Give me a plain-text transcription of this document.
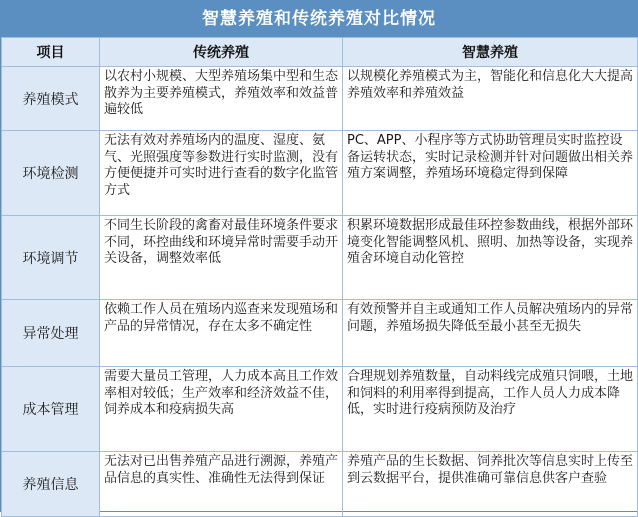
智慧养殖和传统养殖对比情况
项目	传统养殖	智慧养殖
养殖模式	以农村小规模、大型养殖场集中型和生态散养为主要养殖模式，养殖效率和效益普遍较低	以规模化养殖模式为主，智能化和信息化大大提高养殖效率和养殖效益
环境检测	无法有效对养殖场内的温度、湿度、氨气、光照强度等参数进行实时监测，没有方便便捷并可实时进行查看的数字化监管方式	PC、APP、小程序等方式协助管理员实时监控设备运转状态，实时记录检测并针对问题做出相关养殖方案调整，养殖场环境稳定得到保障
环境调节	不同生长阶段的禽畜对最佳环境条件要求不同，环控曲线和环境异常时需要手动开关设备，调整效率低	积累环境数据形成最佳环控参数曲线，根据外部环境变化智能调整风机、照明、加热等设备，实现养殖舍环境自动化管控
异常处理	依赖工作人员在殖场内巡查来发现殖场和产品的异常情况，存在太多不确定性	有效预警并自主或通知工作人员解决殖场内的异常问题，养殖场损失降低至最小甚至无损失
成本管理	需要大量员工管理，人力成本高且工作效率相对较低；生产效率和经济效益不佳，饲养成本和疫病损失高	合理规划养殖数量，自动料线完成殖只饲喂，土地和饲料的利用率得到提高，工作人员人力成本降低，实时进行疫病预防及治疗
养殖信息	无法对已出售养殖产品进行溯源，养殖产品信息的真实性、准确性无法得到保证	养殖产品的生长数据、饲养批次等信息实时上传至到云数据平台，提供准确可靠信息供客户查验
